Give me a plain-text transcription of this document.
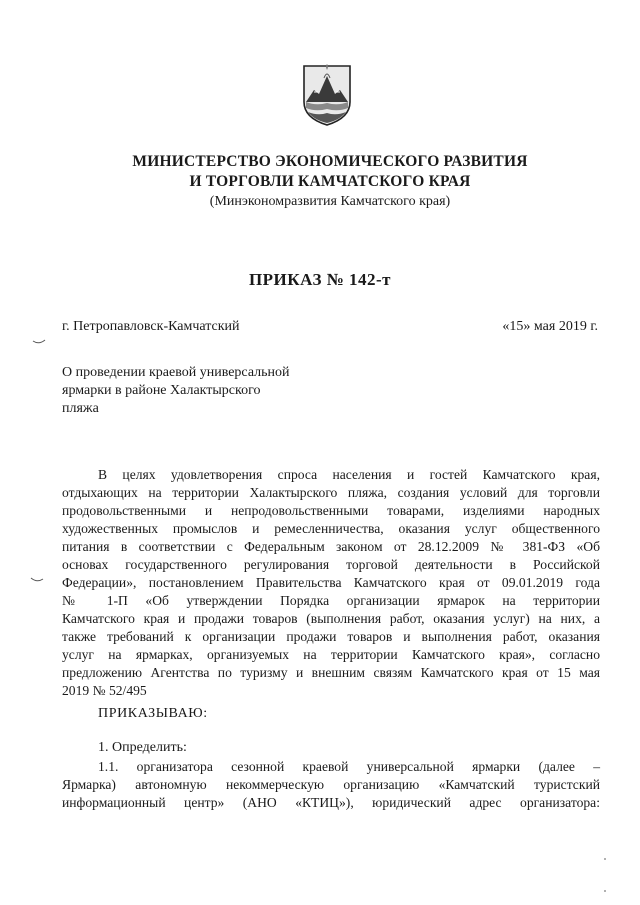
МИНИСТЕРСТВО ЭКОНОМИЧЕСКОГО РАЗВИТИЯ
И ТОРГОВЛИ КАМЧАТСКОГО КРАЯ
(Минэкономразвития Камчатского края)
ПРИКАЗ № 142-т
г. Петропавловск-Камчатский	«15» мая 2019 г.
О проведении краевой универсальной
ярмарки в районе Халактырского
пляжа
В целях удовлетворения спроса населения и гостей Камчатского края,
отдыхающих на территории Халактырского пляжа, создания условий для торговли
продовольственными и непродовольственными товарами, изделиями народных
художественных промыслов и ремесленничества, оказания услуг общественного
питания в соответствии с Федеральным законом от 28.12.2009 № 381-ФЗ «Об
основах государственного регулирования торговой деятельности в Российской
Федерации», постановлением Правительства Камчатского края от 09.01.2019 года
№ 1-П «Об утверждении Порядка организации ярмарок на территории
Камчатского края и продажи товаров (выполнения работ, оказания услуг) на них, а
также требований к организации продажи товаров и выполнения работ, оказания
услуг на ярмарках, организуемых на территории Камчатского края», согласно
предложению Агентства по туризму и внешним связям Камчатского края от 15 мая
2019 № 52/495
ПРИКАЗЫВАЮ:
1. Определить:
1.1. организатора сезонной краевой универсальной ярмарки (далее –
Ярмарка) автономную некоммерческую организацию «Камчатский туристский
информационный центр» (АНО «КТИЦ»), юридический адрес организатора:
